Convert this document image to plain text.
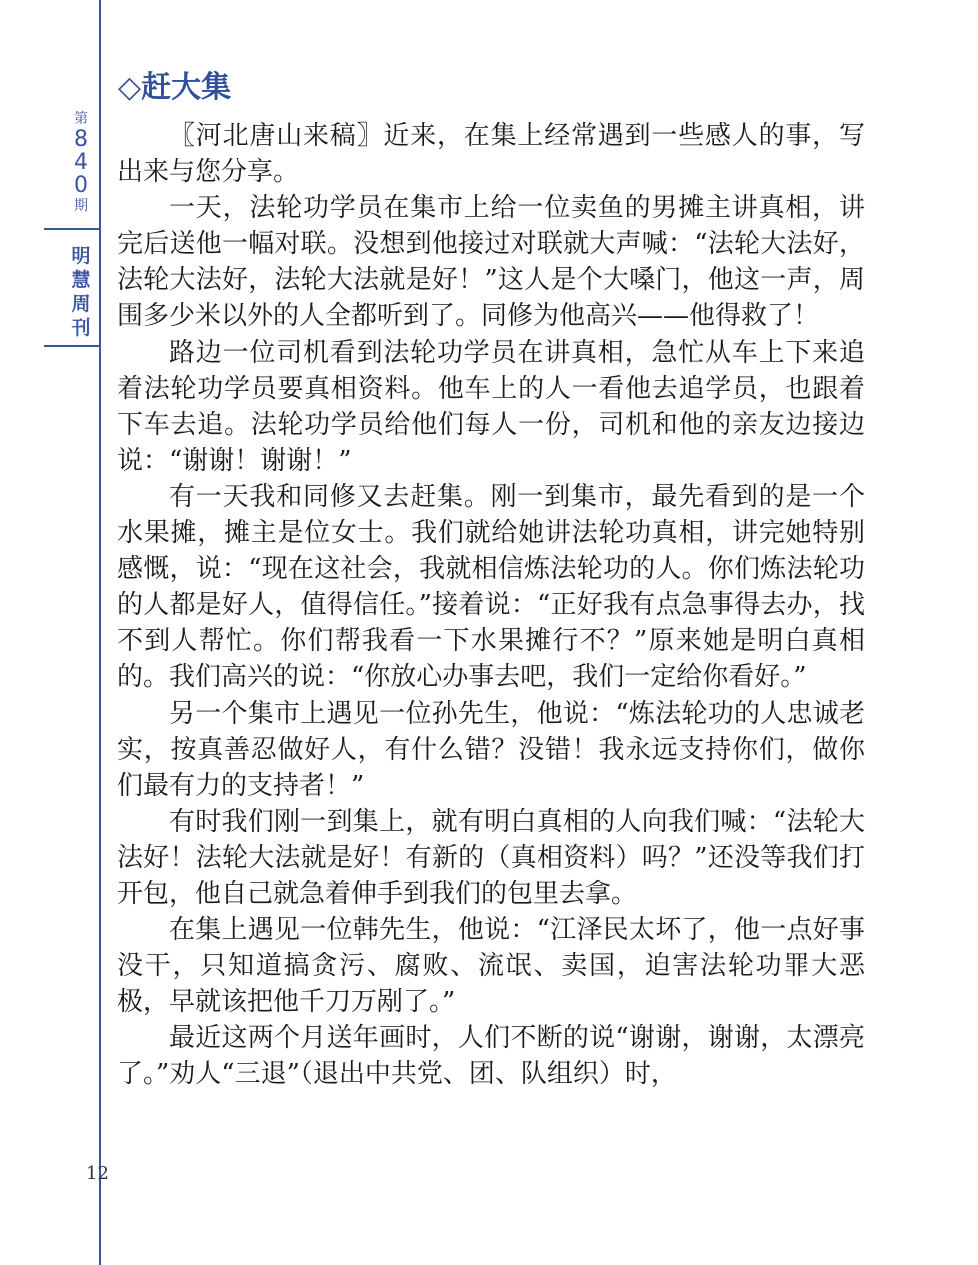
第
8
4
0
期
明
慧
周
刊
12
◇赶大集

〖河北唐山来稿〗近来，在集上经常遇到一些感人的事，写出来与您分享。

一天，法轮功学员在集市上给一位卖鱼的男摊主讲真相，讲完后送他一幅对联。没想到他接过对联就大声喊：“法轮大法好，法轮大法好，法轮大法就是好！”这人是个大嗓门，他这一声，周围多少米以外的人全都听到了。同修为他高兴——他得救了！

路边一位司机看到法轮功学员在讲真相，急忙从车上下来追着法轮功学员要真相资料。他车上的人一看他去追学员，也跟着下车去追。法轮功学员给他们每人一份，司机和他的亲友边接边说：“谢谢！谢谢！”

有一天我和同修又去赶集。刚一到集市，最先看到的是一个水果摊，摊主是位女士。我们就给她讲法轮功真相，讲完她特别感慨，说：“现在这社会，我就相信炼法轮功的人。你们炼法轮功的人都是好人，值得信任。”接着说：“正好我有点急事得去办，找不到人帮忙。你们帮我看一下水果摊行不？”原来她是明白真相的。我们高兴的说：“你放心办事去吧，我们一定给你看好。”

另一个集市上遇见一位孙先生，他说：“炼法轮功的人忠诚老实，按真善忍做好人，有什么错？没错！我永远支持你们，做你们最有力的支持者！”

有时我们刚一到集上，就有明白真相的人向我们喊：“法轮大法好！法轮大法就是好！有新的（真相资料）吗？”还没等我们打开包，他自己就急着伸手到我们的包里去拿。

在集上遇见一位韩先生，他说：“江泽民太坏了，他一点好事没干，只知道搞贪污、腐败、流氓、卖国，迫害法轮功罪大恶极，早就该把他千刀万剐了。”

最近这两个月送年画时，人们不断的说“谢谢，谢谢，太漂亮了。”劝人“三退”（退出中共党、团、队组织）时，
